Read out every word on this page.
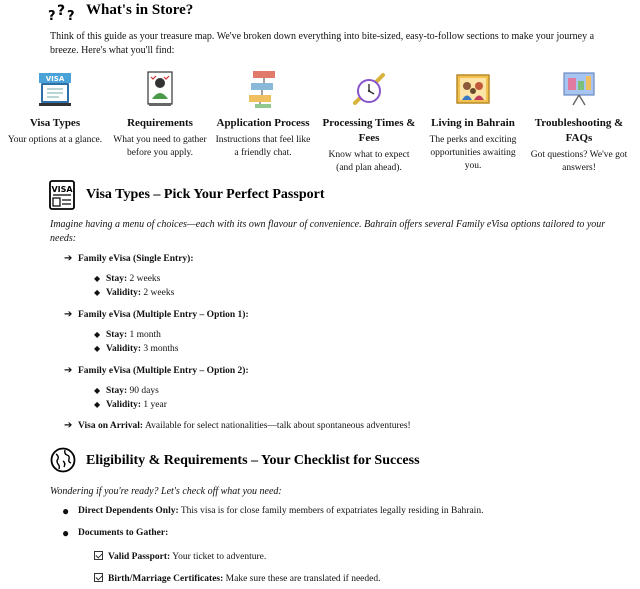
? ? ? What's in Store?

Think of this guide as your treasure map. We've broken down everything into bite-sized, easy-to-follow sections to make your journey a breeze. Here's what you'll find:

VISA
Visa Types
Your options at a glance.
Requirements
What you need to gather before you apply.
Application Process
Instructions that feel like a friendly chat.
Processing Times & Fees
Know what to expect (and plan ahead).
Living in Bahrain
The perks and exciting opportunities awaiting you.
Troubleshooting & FAQs
Got questions? We've got answers!
VISA Visa Types – Pick Your Perfect Passport

Imagine having a menu of choices—each with its own flavour of convenience. Bahrain offers several Family eVisa options tailored to your needs:

➔ Family eVisa (Single Entry):
◆ Stay: 2 weeks
◆ Validity: 2 weeks
➔ Family eVisa (Multiple Entry – Option 1):
◆ Stay: 1 month
◆ Validity: 3 months
➔ Family eVisa (Multiple Entry – Option 2):
◆ Stay: 90 days
◆ Validity: 1 year
➔ Visa on Arrival: Available for select nationalities—talk about spontaneous adventures!
Eligibility & Requirements – Your Checklist for Success

Wondering if you're ready? Let's check off what you need:

● Direct Dependents Only: This visa is for close family members of expatriates legally residing in Bahrain.
● Documents to Gather:
Valid Passport: Your ticket to adventure.
Birth/Marriage Certificates: Make sure these are translated if needed.
